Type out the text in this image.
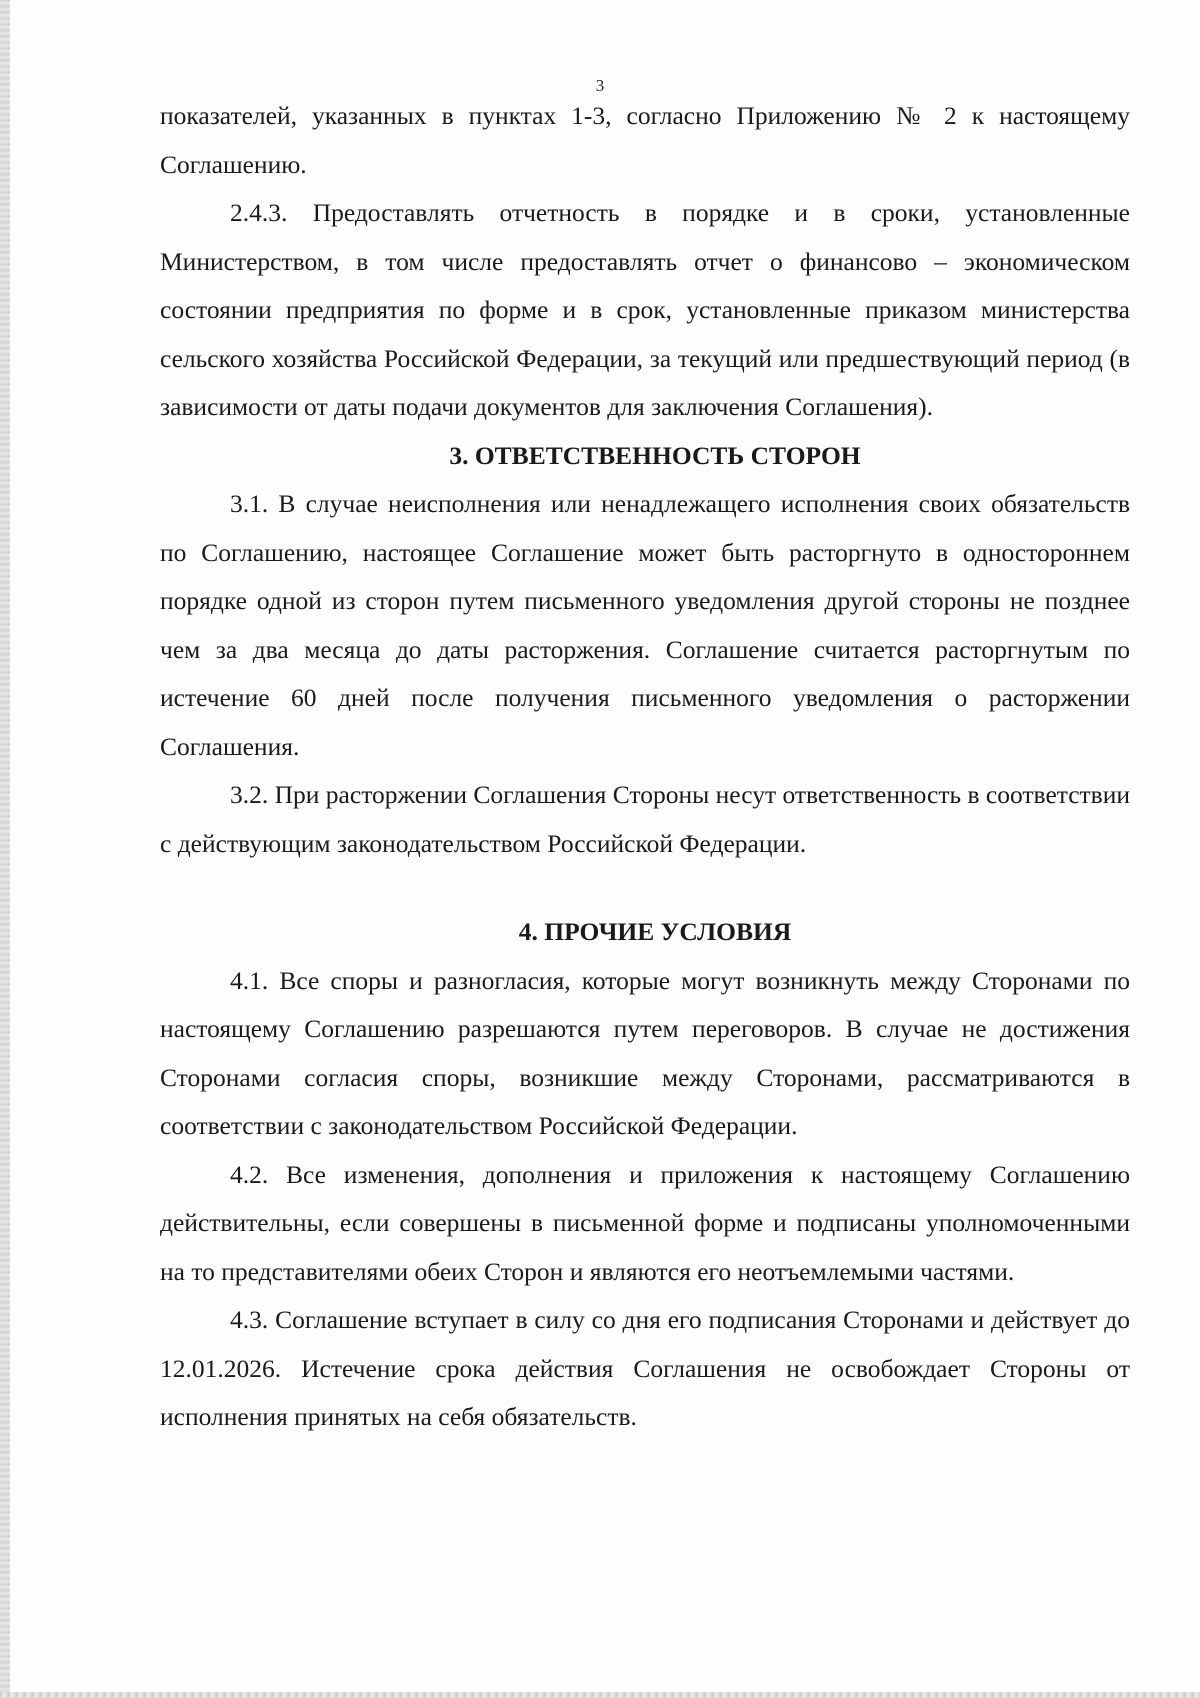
3

показателей, указанных в пунктах 1-3, согласно Приложению № 2 к настоящему Соглашению.

2.4.3. Предоставлять отчетность в порядке и в сроки, установленные Министерством, в том числе предоставлять отчет о финансово – экономическом состоянии предприятия по форме и в срок, установленные приказом министерства сельского хозяйства Российской Федерации, за текущий или предшествующий период (в зависимости от даты подачи документов для заключения Соглашения).

3. ОТВЕТСТВЕННОСТЬ СТОРОН

3.1. В случае неисполнения или ненадлежащего исполнения своих обязательств по Соглашению, настоящее Соглашение может быть расторгнуто в одностороннем порядке одной из сторон путем письменного уведомления другой стороны не позднее чем за два месяца до даты расторжения. Соглашение считается расторгнутым по истечение 60 дней после получения письменного уведомления о расторжении Соглашения.

3.2. При расторжении Соглашения Стороны несут ответственность в соответствии с действующим законодательством Российской Федерации.

4. ПРОЧИЕ УСЛОВИЯ

4.1. Все споры и разногласия, которые могут возникнуть между Сторонами по настоящему Соглашению разрешаются путем переговоров. В случае не достижения Сторонами согласия споры, возникшие между Сторонами, рассматриваются в соответствии с законодательством Российской Федерации.

4.2. Все изменения, дополнения и приложения к настоящему Соглашению действительны, если совершены в письменной форме и подписаны уполномоченными на то представителями обеих Сторон и являются его неотъемлемыми частями.

4.3. Соглашение вступает в силу со дня его подписания Сторонами и действует до 12.01.2026. Истечение срока действия Соглашения не освобождает Стороны от исполнения принятых на себя обязательств.
